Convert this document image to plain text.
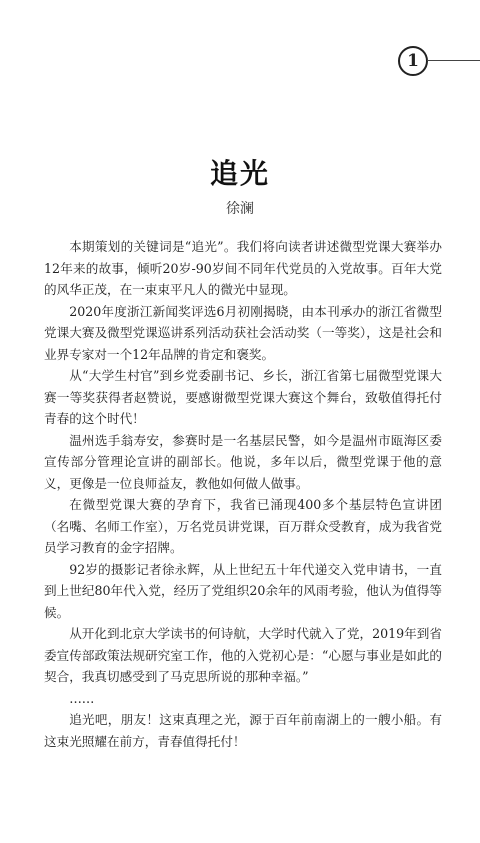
1
追光
徐澜

本期策划的关键词是“追光”。我们将向读者讲述微型党课大赛举办12年来的故事，倾听20岁-90岁间不同年代党员的入党故事。百年大党的风华正茂，在一束束平凡人的微光中显现。

2020年度浙江新闻奖评选6月初刚揭晓，由本刊承办的浙江省微型党课大赛及微型党课巡讲系列活动获社会活动奖（一等奖），这是社会和业界专家对一个12年品牌的肯定和褒奖。

从“大学生村官”到乡党委副书记、乡长，浙江省第七届微型党课大赛一等奖获得者赵赞说，要感谢微型党课大赛这个舞台，致敬值得托付青春的这个时代！

温州选手翁寿安，参赛时是一名基层民警，如今是温州市瓯海区委宣传部分管理论宣讲的副部长。他说，多年以后，微型党课于他的意义，更像是一位良师益友，教他如何做人做事。

在微型党课大赛的孕育下，我省已涌现400多个基层特色宣讲团（名嘴、名师工作室），万名党员讲党课，百万群众受教育，成为我省党员学习教育的金字招牌。

92岁的摄影记者徐永辉，从上世纪五十年代递交入党申请书，一直到上世纪80年代入党，经历了党组织20余年的风雨考验，他认为值得等候。

从开化到北京大学读书的何诗航，大学时代就入了党，2019年到省委宣传部政策法规研究室工作，他的入党初心是：“心愿与事业是如此的契合，我真切感受到了马克思所说的那种幸福。”

……

追光吧，朋友！这束真理之光，源于百年前南湖上的一艘小船。有这束光照耀在前方，青春值得托付！
